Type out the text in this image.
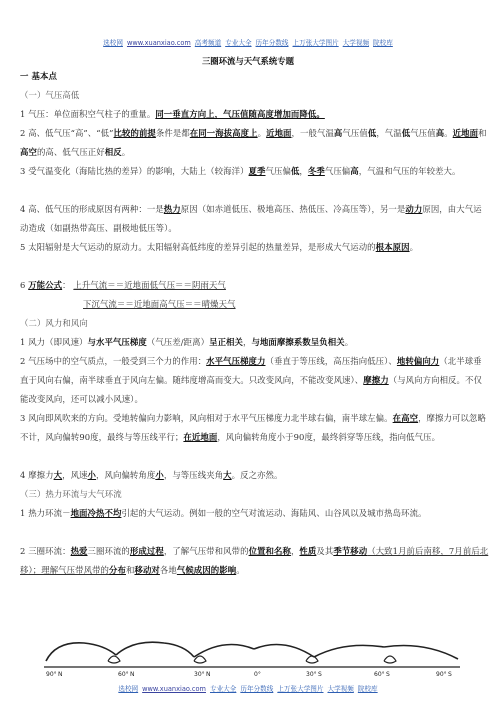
选校网 www.xuanxiao.com 高考频道 专业大全 历年分数线 上万张大学图片 大学视频 院校库
三圈环流与天气系统专题
一 基本点
（一）气压高低
1 气压：单位面积空气柱子的重量。同一垂直方向上，气压值随高度增加而降低。
2 高、低气压“高”、“低”比较的前提条件是都在同一海拔高度上。近地面，一般气温高气压值低，气温低气压值高。近地面和高空的高、低气压正好相反。
3 受气温变化（海陆比热的差异）的影响，大陆上（较海洋）夏季气压偏低，冬季气压偏高，气温和气压的年较差大。
4 高、低气压的形成原因有两种：一是热力原因（如赤道低压、极地高压、热低压、冷高压等），另一是动力原因，由大气运动造成（如副热带高压、副极地低压等）。
5 太阳辐射是大气运动的原动力。太阳辐射高低纬度的差异引起的热量差异，是形成大气运动的根本原因。
6 万能公式： 上升气流＝＝近地面低气压＝＝阴雨天气
下沉气流＝＝近地面高气压＝＝晴燥天气
（二）风力和风向
1 风力（即风速）与水平气压梯度（气压差/距离）呈正相关，与地面摩擦系数呈负相关。
2 气压场中的空气质点，一般受到三个力的作用：水平气压梯度力（垂直于等压线，高压指向低压）、地转偏向力（北半球垂直于风向右偏，南半球垂直于风向左偏。随纬度增高而变大。只改变风向，不能改变风速）、摩擦力（与风向方向相反。不仅能改变风向，还可以减小风速）。
3 风向即风吹来的方向。受地转偏向力影响，风向相对于水平气压梯度力北半球右偏，南半球左偏。在高空，摩擦力可以忽略不计，风向偏转90度，最终与等压线平行；在近地面，风向偏转角度小于90度，最终斜穿等压线，指向低气压。
4 摩擦力大，风速小，风向偏转角度小，与等压线夹角大。反之亦然。
（三）热力环流与大气环流
1 热力环流－地面冷热不均引起的大气运动。例如一般的空气对流运动、海陆风、山谷风以及城市热岛环流。
2 三圈环流：热爱三圈环流的形成过程，了解气压带和风带的位置和名称，性质及其季节移动（大致1月前后南移，7月前后北移）；理解气压带风带的分布和移动对各地气候成因的影响。
90° N	60° N	30° N	0°	30° S	60° S	90° S
选校网 www.xuanxiao.com 专业大全 历年分数线 上万张大学图片 大学视频 院校库
